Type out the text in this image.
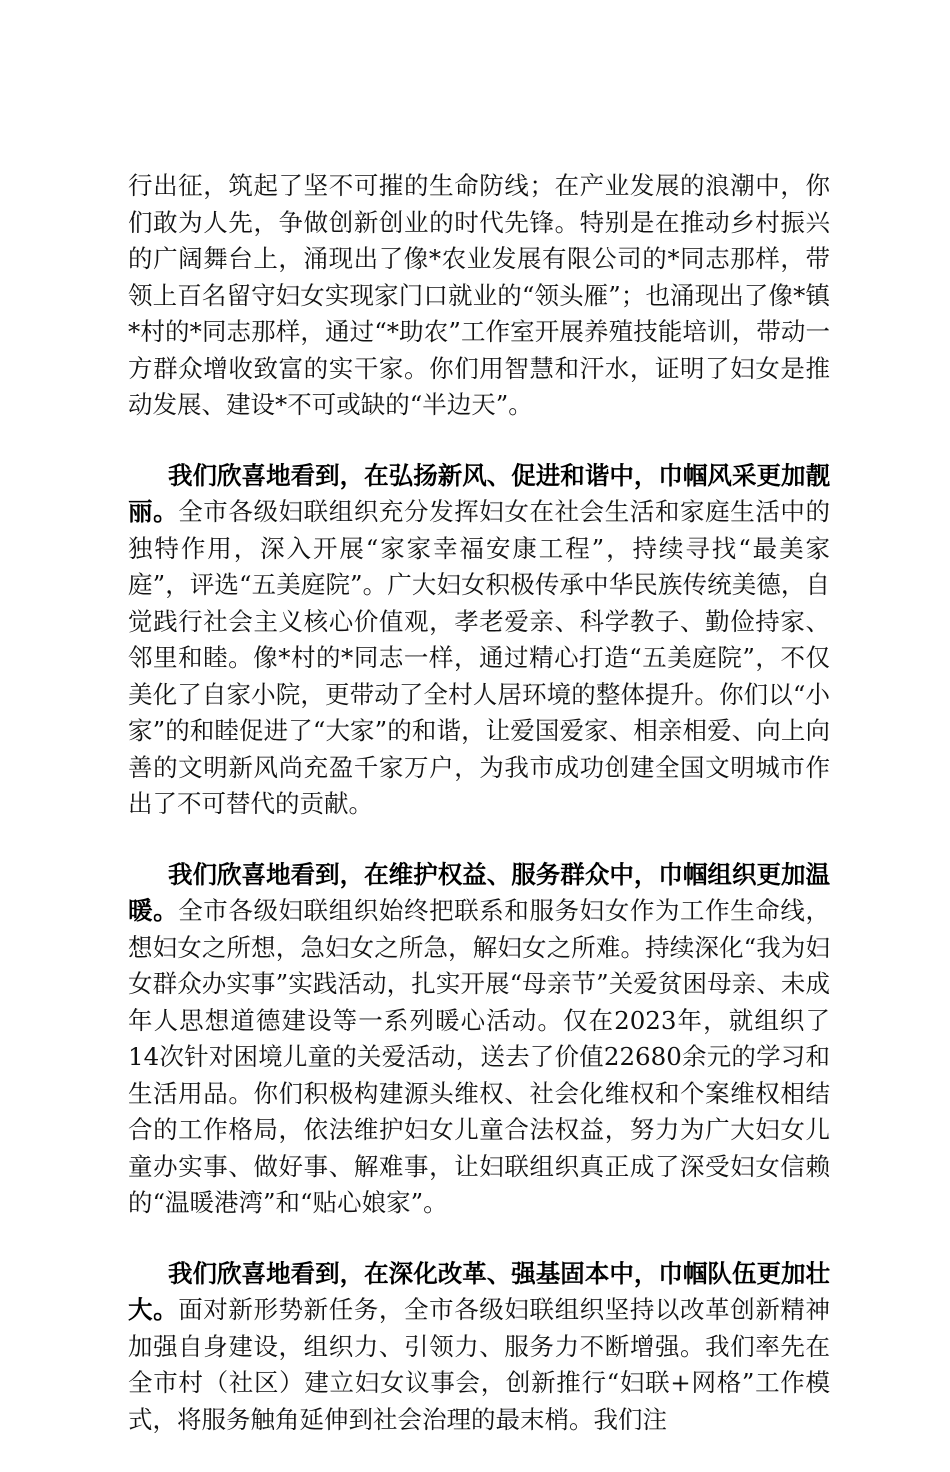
行出征，筑起了坚不可摧的生命防线；在产业发展的浪潮中，你们敢为人先，争做创新创业的时代先锋。特别是在推动乡村振兴的广阔舞台上，涌现出了像*农业发展有限公司的*同志那样，带领上百名留守妇女实现家门口就业的“领头雁”；也涌现出了像*镇*村的*同志那样，通过“*助农”工作室开展养殖技能培训，带动一方群众增收致富的实干家。你们用智慧和汗水，证明了妇女是推动发展、建设*不可或缺的“半边天”。

我们欣喜地看到，在弘扬新风、促进和谐中，巾帼风采更加靓丽。全市各级妇联组织充分发挥妇女在社会生活和家庭生活中的独特作用，深入开展“家家幸福安康工程”，持续寻找“最美家庭”，评选“五美庭院”。广大妇女积极传承中华民族传统美德，自觉践行社会主义核心价值观，孝老爱亲、科学教子、勤俭持家、邻里和睦。像*村的*同志一样，通过精心打造“五美庭院”，不仅美化了自家小院，更带动了全村人居环境的整体提升。你们以“小家”的和睦促进了“大家”的和谐，让爱国爱家、相亲相爱、向上向善的文明新风尚充盈千家万户，为我市成功创建全国文明城市作出了不可替代的贡献。

我们欣喜地看到，在维护权益、服务群众中，巾帼组织更加温暖。全市各级妇联组织始终把联系和服务妇女作为工作生命线，想妇女之所想，急妇女之所急，解妇女之所难。持续深化“我为妇女群众办实事”实践活动，扎实开展“母亲节”关爱贫困母亲、未成年人思想道德建设等一系列暖心活动。仅在2023年，就组织了14次针对困境儿童的关爱活动，送去了价值22680余元的学习和生活用品。你们积极构建源头维权、社会化维权和个案维权相结合的工作格局，依法维护妇女儿童合法权益，努力为广大妇女儿童办实事、做好事、解难事，让妇联组织真正成了深受妇女信赖的“温暖港湾”和“贴心娘家”。

我们欣喜地看到，在深化改革、强基固本中，巾帼队伍更加壮大。面对新形势新任务，全市各级妇联组织坚持以改革创新精神加强自身建设，组织力、引领力、服务力不断增强。我们率先在全市村（社区）建立妇女议事会，创新推行“妇联+网格”工作模式，将服务触角延伸到社会治理的最末梢。我们注
